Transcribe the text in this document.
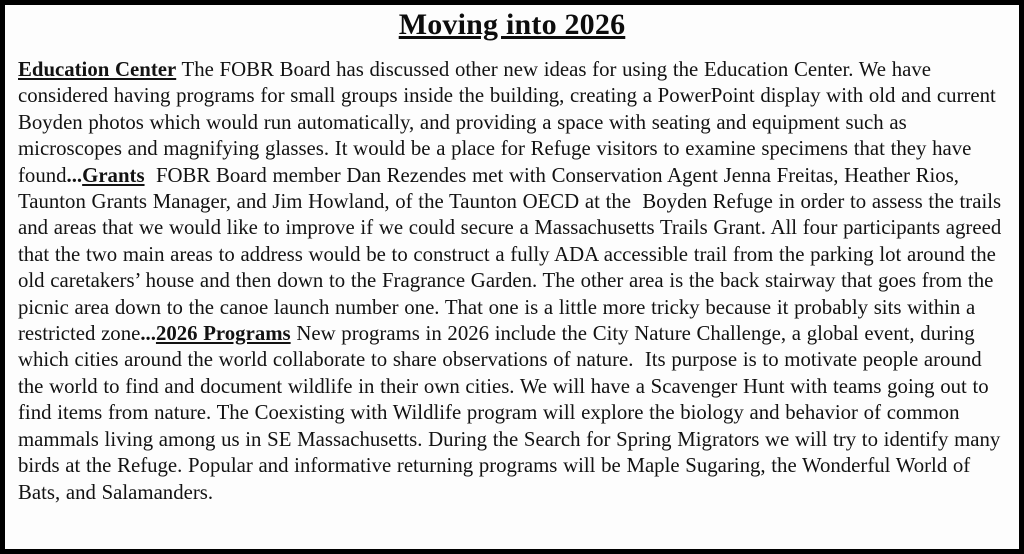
Moving into 2026

Education Center The FOBR Board has discussed other new ideas for using the Education Center. We have considered having programs for small groups inside the building, creating a PowerPoint display with old and current Boyden photos which would run automatically, and providing a space with seating and equipment such as microscopes and magnifying glasses. It would be a place for Refuge visitors to examine specimens that they have found...Grants  FOBR Board member Dan Rezendes met with Conservation Agent Jenna Freitas, Heather Rios, Taunton Grants Manager, and Jim Howland, of the Taunton OECD at the  Boyden Refuge in order to assess the trails and areas that we would like to improve if we could secure a Massachusetts Trails Grant. All four participants agreed that the two main areas to address would be to construct a fully ADA accessible trail from the parking lot around the old caretakers’ house and then down to the Fragrance Garden. The other area is the back stairway that goes from the picnic area down to the canoe launch number one. That one is a little more tricky because it probably sits within a restricted zone...2026 Programs New programs in 2026 include the City Nature Challenge, a global event, during which cities around the world collaborate to share observations of nature.  Its purpose is to motivate people around the world to find and document wildlife in their own cities. We will have a Scavenger Hunt with teams going out to find items from nature. The Coexisting with Wildlife program will explore the biology and behavior of common mammals living among us in SE Massachusetts. During the Search for Spring Migrators we will try to identify many birds at the Refuge. Popular and informative returning programs will be Maple Sugaring, the Wonderful World of Bats, and Salamanders.
